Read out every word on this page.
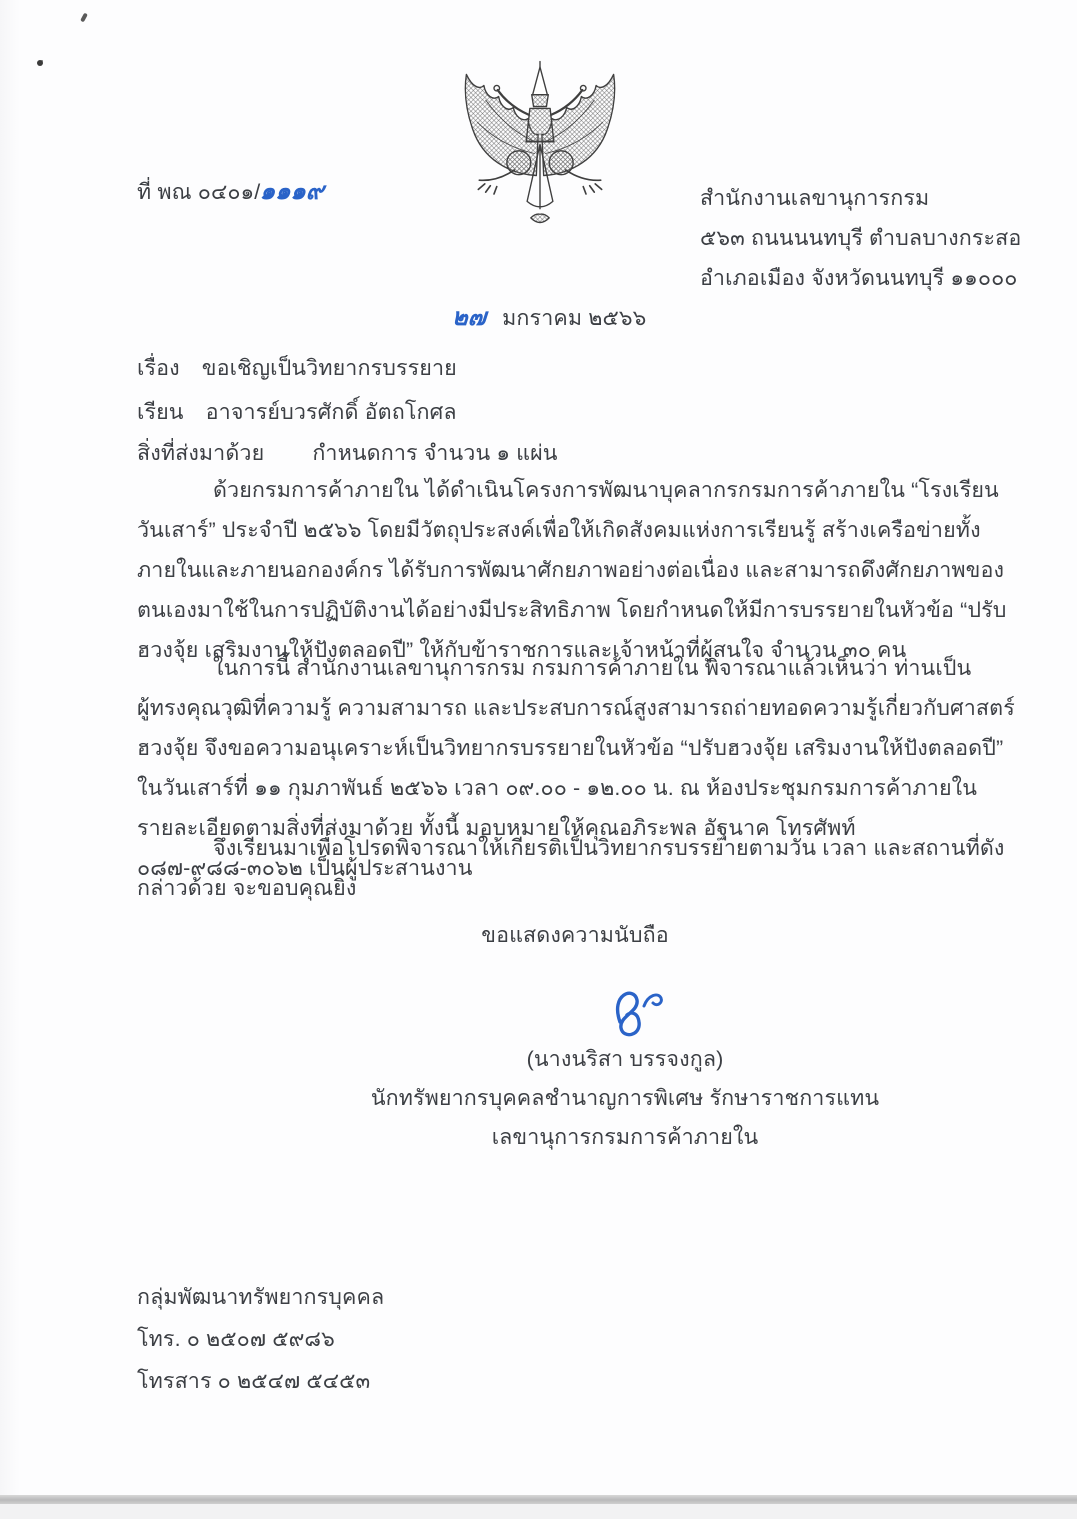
ที่ พณ ๐๔๐๑/๑๑๑๙	สำนักงานเลขานุการกรม
๕๖๓ ถนนนนทบุรี ตำบลบางกระสอ
อำเภอเมือง จังหวัดนนทบุรี ๑๑๐๐๐
๒๗ มกราคม ๒๕๖๖
เรื่อง ขอเชิญเป็นวิทยากรบรรยาย
เรียน อาจารย์บวรศักดิ์ อัตถโกศล
สิ่งที่ส่งมาด้วย กำหนดการ จำนวน ๑ แผ่น

ด้วยกรมการค้าภายใน ได้ดำเนินโครงการพัฒนาบุคลากรกรมการค้าภายใน “โรงเรียนวันเสาร์” ประจำปี ๒๕๖๖ โดยมีวัตถุประสงค์เพื่อให้เกิดสังคมแห่งการเรียนรู้ สร้างเครือข่ายทั้งภายในและภายนอกองค์กร ได้รับการพัฒนาศักยภาพอย่างต่อเนื่อง และสามารถดึงศักยภาพของตนเองมาใช้ในการปฏิบัติงานได้อย่างมีประสิทธิภาพ โดยกำหนดให้มีการบรรยายในหัวข้อ “ปรับฮวงจุ้ย เสริมงานให้ปังตลอดปี” ให้กับข้าราชการและเจ้าหน้าที่ผู้สนใจ จำนวน ๓๐ คน

ในการนี้ สำนักงานเลขานุการกรม กรมการค้าภายใน พิจารณาแล้วเห็นว่า ท่านเป็นผู้ทรงคุณวุฒิที่ความรู้ ความสามารถ และประสบการณ์สูงสามารถถ่ายทอดความรู้เกี่ยวกับศาสตร์ฮวงจุ้ย จึงขอความอนุเคราะห์เป็นวิทยากรบรรยายในหัวข้อ “ปรับฮวงจุ้ย เสริมงานให้ปังตลอดปี” ในวันเสาร์ที่ ๑๑ กุมภาพันธ์ ๒๕๖๖ เวลา ๐๙.๐๐ - ๑๒.๐๐ น. ณ ห้องประชุมกรมการค้าภายใน รายละเอียดตามสิ่งที่ส่งมาด้วย ทั้งนี้ มอบหมายให้คุณอภิระพล อัฐนาค โทรศัพท์ ๐๘๗-๙๘๘-๓๐๖๒ เป็นผู้ประสานงาน

จึงเรียนมาเพื่อโปรดพิจารณาให้เกียรติเป็นวิทยากรบรรยายตามวัน เวลา และสถานที่ดังกล่าวด้วย จะขอบคุณยิ่ง

ขอแสดงความนับถือ
(นางนริสา บรรจงกูล)
นักทรัพยากรบุคคลชำนาญการพิเศษ รักษาราชการแทน
เลขานุการกรมการค้าภายใน
กลุ่มพัฒนาทรัพยากรบุคคล
โทร. ๐ ๒๕๐๗ ๕๙๘๖
โทรสาร ๐ ๒๕๔๗ ๕๔๕๓
